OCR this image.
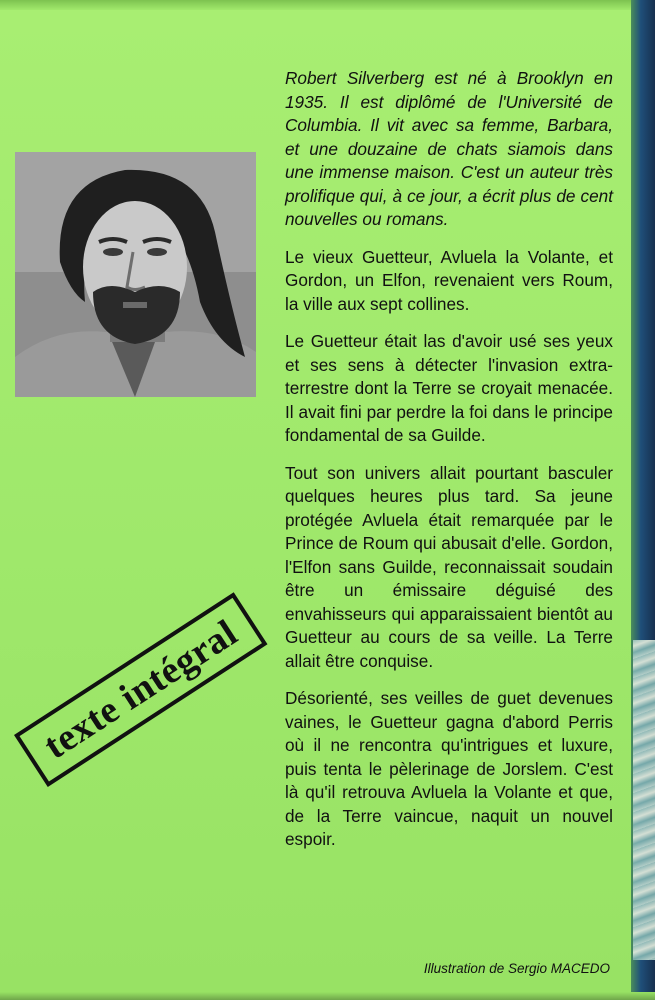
texte intégral

Robert Silverberg est né à Brooklyn en 1935. Il est diplômé de l'Université de Columbia. Il vit avec sa femme, Barbara, et une douzaine de chats siamois dans une immense maison. C'est un auteur très prolifique qui, à ce jour, a écrit plus de cent nouvelles ou romans.

Le vieux Guetteur, Avluela la Volante, et Gordon, un Elfon, revenaient vers Roum, la ville aux sept collines.

Le Guetteur était las d'avoir usé ses yeux et ses sens à détecter l'invasion extra-terrestre dont la Terre se croyait menacée. Il avait fini par perdre la foi dans le principe fondamental de sa Guilde.

Tout son univers allait pourtant basculer quelques heures plus tard. Sa jeune protégée Avluela était remarquée par le Prince de Roum qui abusait d'elle. Gordon, l'Elfon sans Guilde, reconnaissait soudain être un émissaire déguisé des envahisseurs qui apparaissaient bientôt au Guetteur au cours de sa veille. La Terre allait être conquise.

Désorienté, ses veilles de guet devenues vaines, le Guetteur gagna d'abord Perris où il ne rencontra qu'intrigues et luxure, puis tenta le pèlerinage de Jorslem. C'est là qu'il retrouva Avluela la Volante et que, de la Terre vaincue, naquit un nouvel espoir.

Illustration de Sergio MACEDO
